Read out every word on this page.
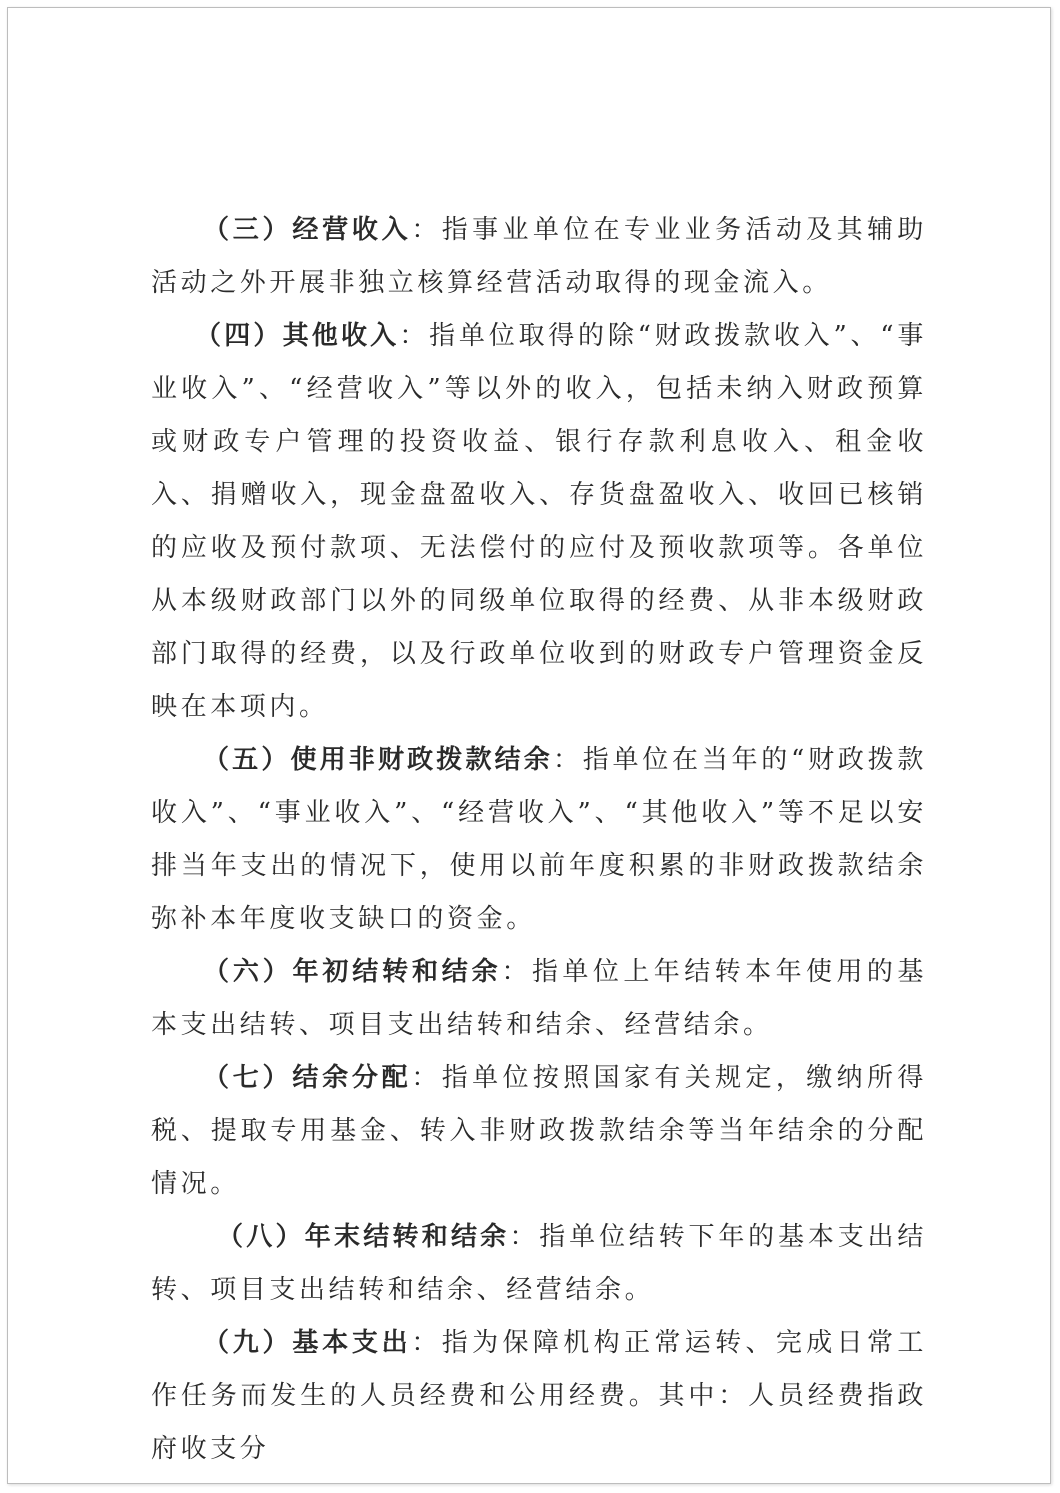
（三）经营收入：指事业单位在专业业务活动及其辅助活动之外开展非独立核算经营活动取得的现金流入。

（四）其他收入：指单位取得的除“财政拨款收入”、“事业收入”、“经营收入”等以外的收入，包括未纳入财政预算或财政专户管理的投资收益、银行存款利息收入、租金收入、捐赠收入，现金盘盈收入、存货盘盈收入、收回已核销的应收及预付款项、无法偿付的应付及预收款项等。各单位从本级财政部门以外的同级单位取得的经费、从非本级财政部门取得的经费，以及行政单位收到的财政专户管理资金反映在本项内。

（五）使用非财政拨款结余：指单位在当年的“财政拨款收入”、“事业收入”、“经营收入”、“其他收入”等不足以安排当年支出的情况下，使用以前年度积累的非财政拨款结余弥补本年度收支缺口的资金。

（六）年初结转和结余：指单位上年结转本年使用的基本支出结转、项目支出结转和结余、经营结余。

（七）结余分配：指单位按照国家有关规定，缴纳所得税、提取专用基金、转入非财政拨款结余等当年结余的分配情况。

（八）年末结转和结余：指单位结转下年的基本支出结转、项目支出结转和结余、经营结余。

（九）基本支出：指为保障机构正常运转、完成日常工作任务而发生的人员经费和公用经费。其中：人员经费指政府收支分
